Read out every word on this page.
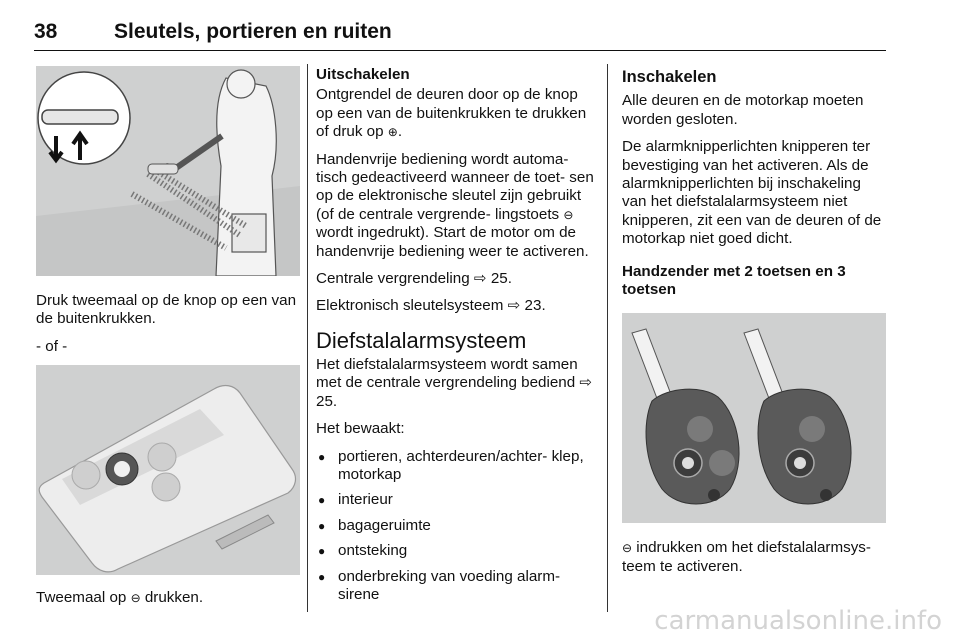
38	Sleutels, portieren en ruiten

Druk tweemaal op de knop op een van de buitenkrukken.

- of -

Tweemaal op ⊖ drukken.

Uitschakelen

Ontgrendel de deuren door op de knop op een van de buitenkrukken te drukken of druk op ⊕.

Handenvrije bediening wordt automa- tisch gedeactiveerd wanneer de toet- sen op de elektronische sleutel zijn gebruikt (of de centrale vergrende- lingstoets ⊖ wordt ingedrukt). Start de motor om de handenvrije bediening weer te activeren.

Centrale vergrendeling ⇨ 25.

Elektronisch sleutelsysteem ⇨ 23.

Diefstalalarmsysteem

Het diefstalalarmsysteem wordt samen met de centrale vergrendeling bediend ⇨ 25.

Het bewaakt:

● portieren, achterdeuren/achter- klep, motorkap
● interieur
● bagageruimte
● ontsteking
● onderbreking van voeding alarm- sirene
Inschakelen

Alle deuren en de motorkap moeten worden gesloten.

De alarmknipperlichten knipperen ter bevestiging van het activeren. Als de alarmknipperlichten bij inschakeling van het diefstalalarmsysteem niet knipperen, zit een van de deuren of de motorkap niet goed dicht.

Handzender met 2 toetsen en 3 toetsen

⊖ indrukken om het diefstalalarmsys- teem te activeren.

carmanualsonline.info
